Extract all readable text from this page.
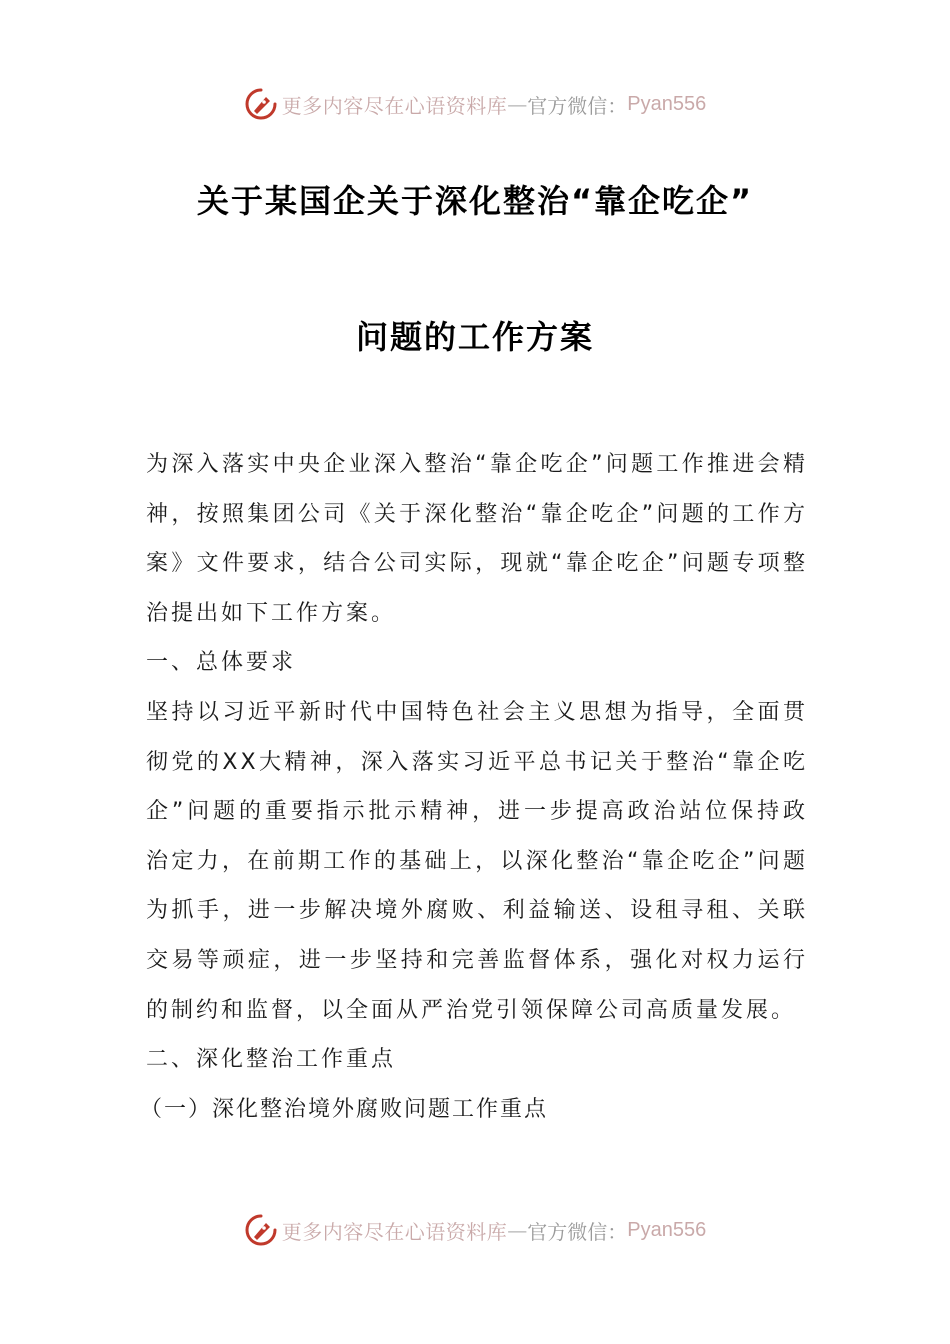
更多内容尽在心语资料库 — 官方微信： Pyan556
关于某国企关于深化整治“靠企吃企”
问题的工作方案

为深入落实中央企业深入整治“靠企吃企”问题工作推进会精神，按照集团公司《关于深化整治“靠企吃企”问题的工作方案》文件要求，结合公司实际，现就“靠企吃企”问题专项整治提出如下工作方案。

一、总体要求

坚持以习近平新时代中国特色社会主义思想为指导，全面贯彻党的XX大精神，深入落实习近平总书记关于整治“靠企吃企”问题的重要指示批示精神，进一步提高政治站位保持政治定力，在前期工作的基础上，以深化整治“靠企吃企”问题为抓手，进一步解决境外腐败、利益输送、设租寻租、关联交易等顽症，进一步坚持和完善监督体系，强化对权力运行的制约和监督，以全面从严治党引领保障公司高质量发展。

二、深化整治工作重点

（一）深化整治境外腐败问题工作重点

更多内容尽在心语资料库 — 官方微信： Pyan556
